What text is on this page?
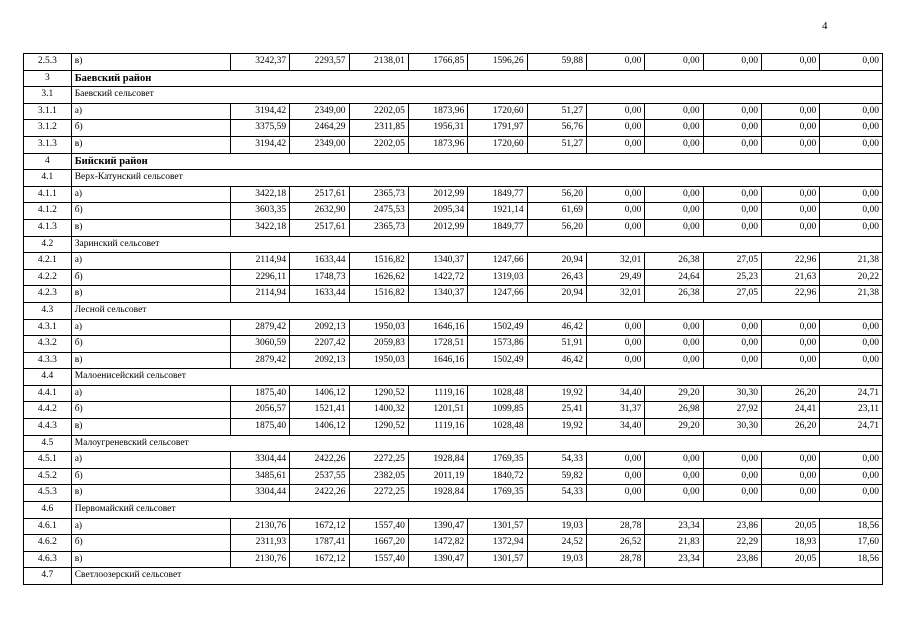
4
2.5.3	в)	3242,37	2293,57	2138,01	1766,85	1596,26	59,88	0,00	0,00	0,00	0,00	0,00
3	Баевский район											
3.1	Баевский сельсовет											
3.1.1	а)	3194,42	2349,00	2202,05	1873,96	1720,60	51,27	0,00	0,00	0,00	0,00	0,00
3.1.2	б)	3375,59	2464,29	2311,85	1956,31	1791,97	56,76	0,00	0,00	0,00	0,00	0,00
3.1.3	в)	3194,42	2349,00	2202,05	1873,96	1720,60	51,27	0,00	0,00	0,00	0,00	0,00
4	Бийский район											
4.1	Верх-Катунский сельсовет											
4.1.1	а)	3422,18	2517,61	2365,73	2012,99	1849,77	56,20	0,00	0,00	0,00	0,00	0,00
4.1.2	б)	3603,35	2632,90	2475,53	2095,34	1921,14	61,69	0,00	0,00	0,00	0,00	0,00
4.1.3	в)	3422,18	2517,61	2365,73	2012,99	1849,77	56,20	0,00	0,00	0,00	0,00	0,00
4.2	Заринский сельсовет											
4.2.1	а)	2114,94	1633,44	1516,82	1340,37	1247,66	20,94	32,01	26,38	27,05	22,96	21,38
4.2.2	б)	2296,11	1748,73	1626,62	1422,72	1319,03	26,43	29,49	24,64	25,23	21,63	20,22
4.2.3	в)	2114,94	1633,44	1516,82	1340,37	1247,66	20,94	32,01	26,38	27,05	22,96	21,38
4.3	Лесной сельсовет											
4.3.1	а)	2879,42	2092,13	1950,03	1646,16	1502,49	46,42	0,00	0,00	0,00	0,00	0,00
4.3.2	б)	3060,59	2207,42	2059,83	1728,51	1573,86	51,91	0,00	0,00	0,00	0,00	0,00
4.3.3	в)	2879,42	2092,13	1950,03	1646,16	1502,49	46,42	0,00	0,00	0,00	0,00	0,00
4.4	Малоенисейский сельсовет											
4.4.1	а)	1875,40	1406,12	1290,52	1119,16	1028,48	19,92	34,40	29,20	30,30	26,20	24,71
4.4.2	б)	2056,57	1521,41	1400,32	1201,51	1099,85	25,41	31,37	26,98	27,92	24,41	23,11
4.4.3	в)	1875,40	1406,12	1290,52	1119,16	1028,48	19,92	34,40	29,20	30,30	26,20	24,71
4.5	Малоугреневский сельсовет											
4.5.1	а)	3304,44	2422,26	2272,25	1928,84	1769,35	54,33	0,00	0,00	0,00	0,00	0,00
4.5.2	б)	3485,61	2537,55	2382,05	2011,19	1840,72	59,82	0,00	0,00	0,00	0,00	0,00
4.5.3	в)	3304,44	2422,26	2272,25	1928,84	1769,35	54,33	0,00	0,00	0,00	0,00	0,00
4.6	Первомайский сельсовет											
4.6.1	а)	2130,76	1672,12	1557,40	1390,47	1301,57	19,03	28,78	23,34	23,86	20,05	18,56
4.6.2	б)	2311,93	1787,41	1667,20	1472,82	1372,94	24,52	26,52	21,83	22,29	18,93	17,60
4.6.3	в)	2130,76	1672,12	1557,40	1390,47	1301,57	19,03	28,78	23,34	23,86	20,05	18,56
4.7	Светлоозерский сельсовет											
